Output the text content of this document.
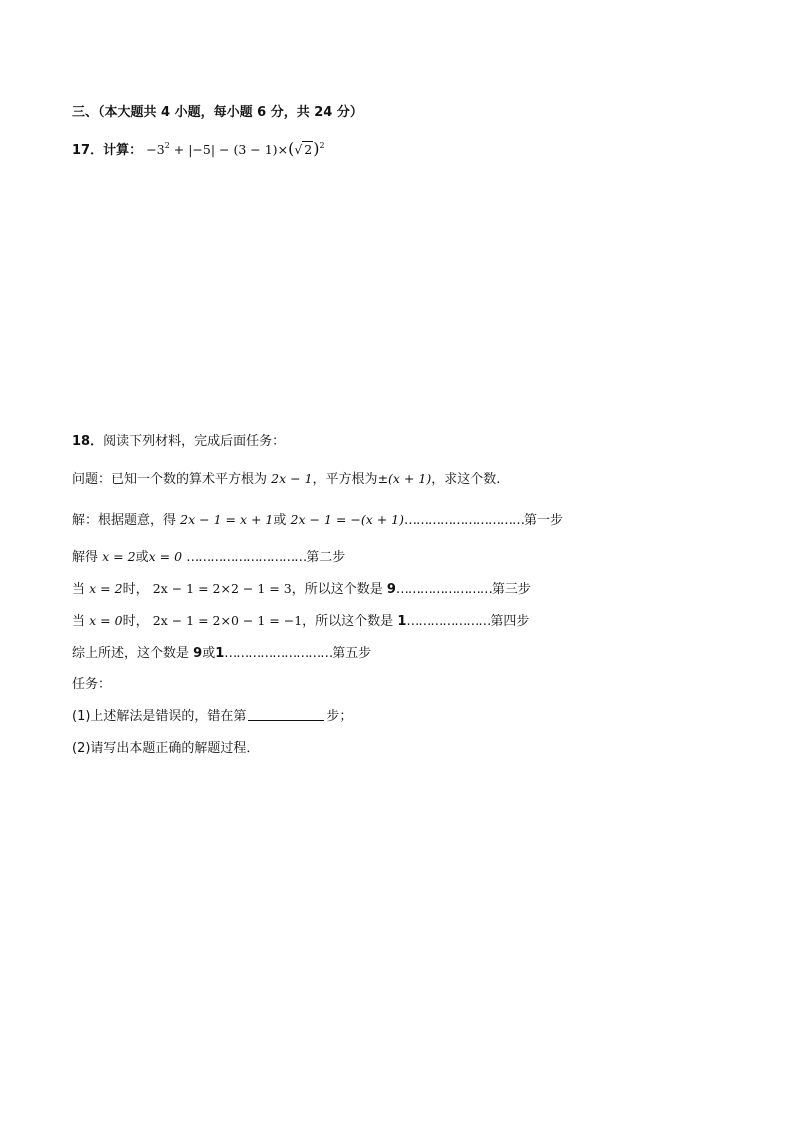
三、（本大题共 4 小题，每小题 6 分，共 24 分）
17．计算： $-3^2 + |-5| - (3 - 1)\times(√$ 2)$^2$
18．阅读下列材料，完成后面任务：
问题：已知一个数的算术平方根为 2x − 1，平方根为±(x + 1)，求这个数.
解：根据题意，得 2x − 1 = x + 1或 2x − 1 = −(x + 1)…………………………第一步
解得 x = 2或x = 0 …………………………第二步
当 x = 2时， 2x − 1 = 2×2 − 1 = 3，所以这个数是 9……………………第三步
当 x = 0时， 2x − 1 = 2×0 − 1 = −1，所以这个数是 1…………………第四步
综上所述，这个数是 9或1………………………第五步
任务：
(1)上述解法是错误的，错在第	步；
(2)请写出本题正确的解题过程．
